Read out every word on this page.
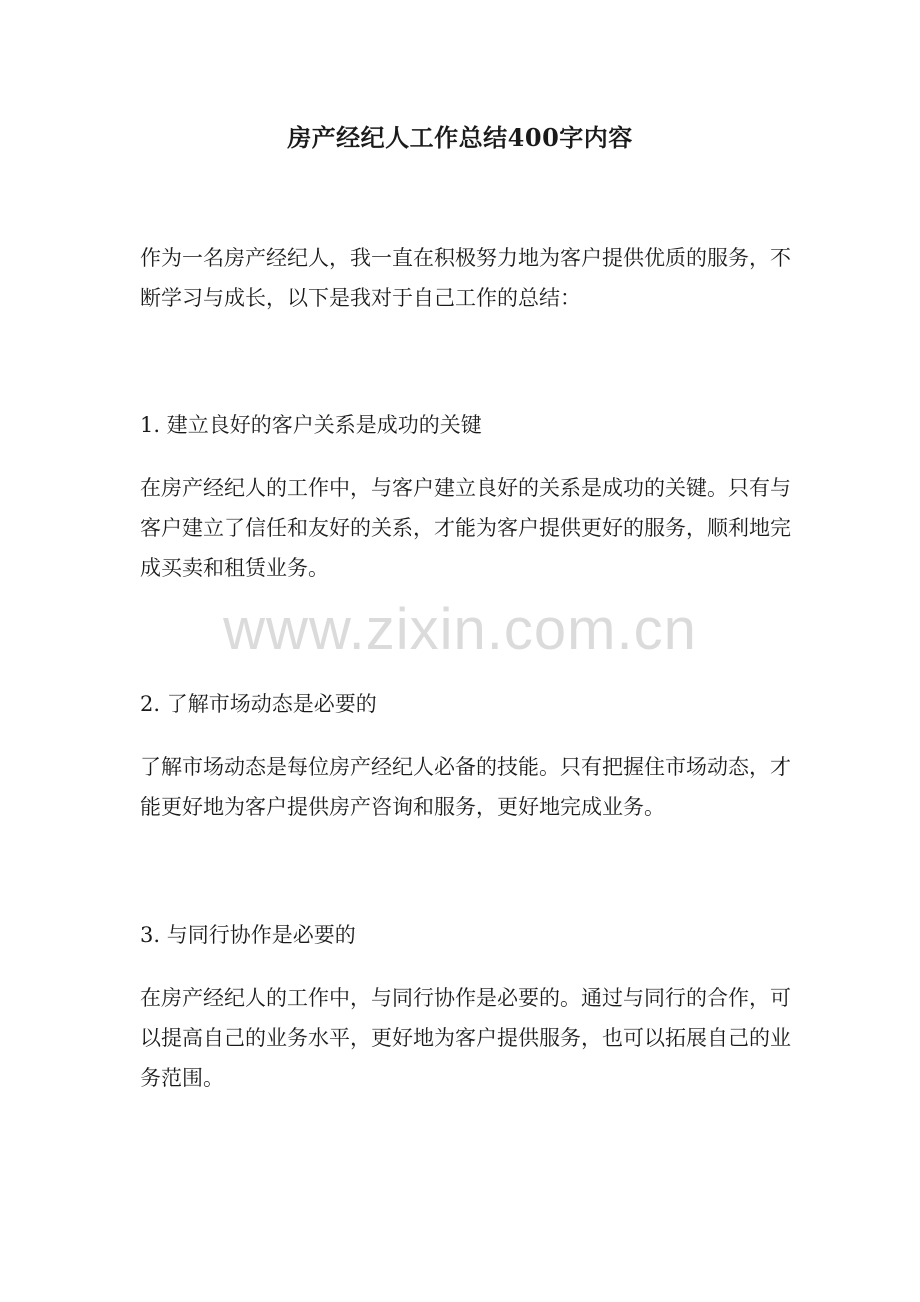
房产经纪人工作总结400字内容

作为一名房产经纪人，我一直在积极努力地为客户提供优质的服务，不断学习与成长，以下是我对于自己工作的总结：

1. 建立良好的客户关系是成功的关键

在房产经纪人的工作中，与客户建立良好的关系是成功的关键。只有与客户建立了信任和友好的关系，才能为客户提供更好的服务，顺利地完成买卖和租赁业务。

www.zixin.com.cn

2. 了解市场动态是必要的

了解市场动态是每位房产经纪人必备的技能。只有把握住市场动态，才能更好地为客户提供房产咨询和服务，更好地完成业务。

3. 与同行协作是必要的

在房产经纪人的工作中，与同行协作是必要的。通过与同行的合作，可以提高自己的业务水平，更好地为客户提供服务，也可以拓展自己的业务范围。
